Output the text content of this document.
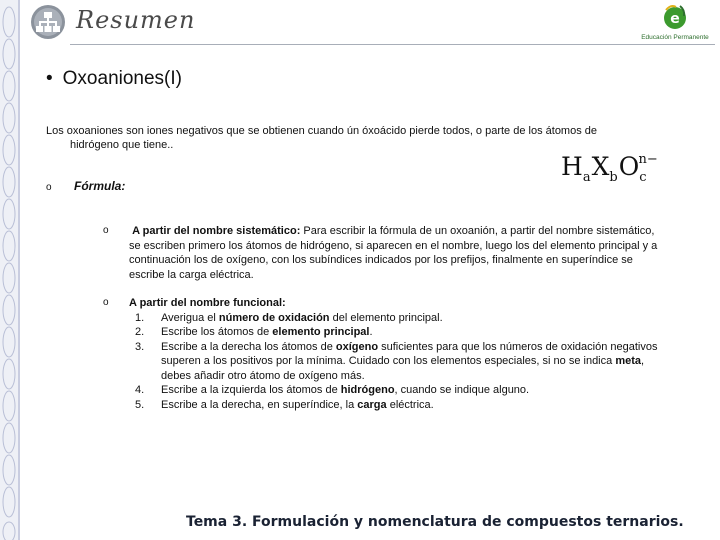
Resumen	e
Educación Permanente
• Oxoaniones(I)
Los oxoaniones son iones negativos que se obtienen cuando ún óxoácido pierde todos, o parte de los átomos de
hidrógeno que tiene..
o Fórmula:
$H_aX_bO_c^{n-}$
o A partir del nombre sistemático: Para escribir la fórmula de un oxoanión, a partir del nombre sistemático, se escriben primero los átomos de hidrógeno, si aparecen en el nombre, luego los del elemento principal y a continuación los de oxígeno, con los subíndices indicados por los prefijos, finalmente en superíndice se escribe la carga eléctrica.
o A partir del nombre funcional:
1. Averigua el número de oxidación del elemento principal.
2. Escribe los átomos de elemento principal.
3. Escribe a la derecha los átomos de oxígeno suficientes para que los números de oxidación negativos superen a los positivos por la mínima. Cuidado con los elementos especiales, si no se indica meta, debes añadir otro átomo de oxígeno más.
4. Escribe a la izquierda los átomos de hidrógeno, cuando se indique alguno.
5. Escribe a la derecha, en superíndice, la carga eléctrica.
Tema 3. Formulación y nomenclatura de compuestos ternarios.
